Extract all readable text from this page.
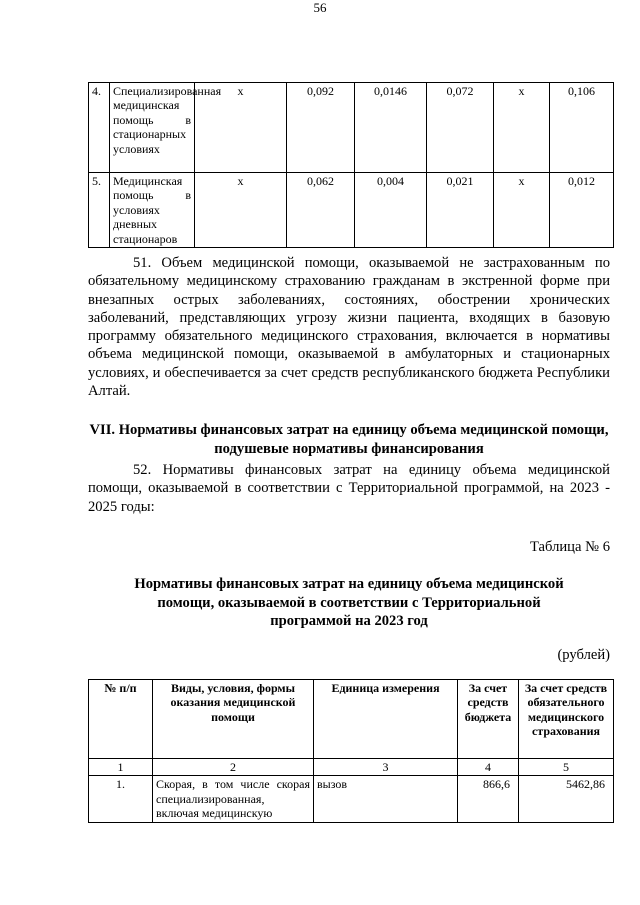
56
4.	Специализированная медицинская помощь в стационарных условиях	х	0,092	0,0146	0,072	х	0,106
5.	Медицинская помощь в условиях дневных стационаров	х	0,062	0,004	0,021	х	0,012

51. Объем медицинской помощи, оказываемой не застрахованным по обязательному медицинскому страхованию гражданам в экстренной форме при внезапных острых заболеваниях, состояниях, обострении хронических заболеваний, представляющих угрозу жизни пациента, входящих в базовую программу обязательного медицинского страхования, включается в нормативы объема медицинской помощи, оказываемой в амбулаторных и стационарных условиях, и обеспечивается за счет средств республиканского бюджета Республики Алтай.

VII. Нормативы финансовых затрат на единицу объема медицинской помощи, подушевые нормативы финансирования

52. Нормативы финансовых затрат на единицу объема медицинской помощи, оказываемой в соответствии с Территориальной программой, на 2023 - 2025 годы:

Таблица № 6
Нормативы финансовых затрат на единицу объема медицинской помощи, оказываемой в соответствии с Территориальной программой на 2023 год
(рублей)
№ п/п	Виды, условия, формы оказания медицинской помощи	Единица измерения	За счет средств бюджета	За счет средств обязательного медицинского страхования
1	2	3	4	5
1.	Скорая, в том числе скорая специализированная, включая медицинскую	вызов	866,6	5462,86
